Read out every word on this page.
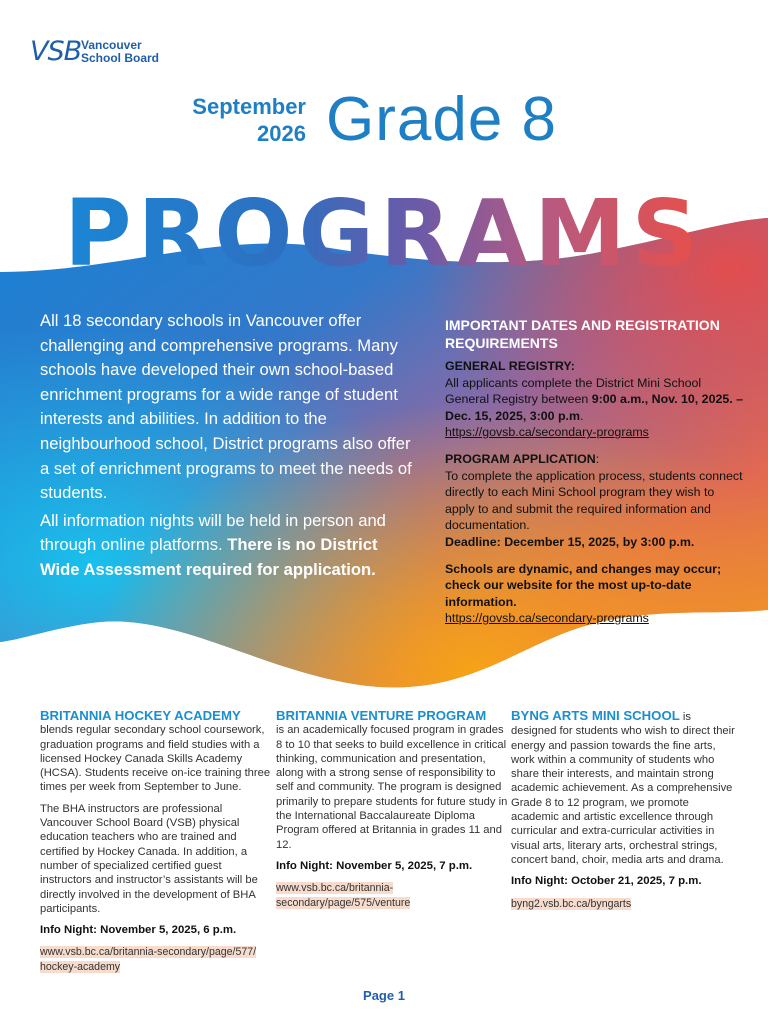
VSB Vancouver
School Board
September
2026 Grade 8
PROGRAMS

All 18 secondary schools in Vancouver offer challenging and comprehensive programs. Many schools have developed their own school-based enrichment programs for a wide range of student interests and abilities. In addition to the neighbourhood school, District programs also offer a set of enrichment programs to meet the needs of students.

All information nights will be held in person and through online platforms. There is no District Wide Assessment required for application.

IMPORTANT DATES AND REGISTRATION REQUIREMENTS
GENERAL REGISTRY:
All applicants complete the District Mini School General Registry between 9:00 a.m., Nov. 10, 2025. – Dec. 15, 2025, 3:00 p.m.
https://govsb.ca/secondary-programs
PROGRAM APPLICATION:
To complete the application process, students connect directly to each Mini School program they wish to apply to and submit the required information and documentation.
Deadline: December 15, 2025, by 3:00 p.m.
Schools are dynamic, and changes may occur; check our website for the most up-to-date information.
https://govsb.ca/secondary-programs
BRITANNIA HOCKEY ACADEMY

blends regular secondary school coursework, graduation programs and field studies with a licensed Hockey Canada Skills Academy (HCSA). Students receive on-ice training three times per week from September to June.

The BHA instructors are professional Vancouver School Board (VSB) physical education teachers who are trained and certified by Hockey Canada. In addition, a number of specialized certified guest instructors and instructor’s assistants will be directly involved in the development of BHA participants.

Info Night: November 5, 2025, 6 p.m.
www.vsb.bc.ca/britannia-secondary/page/577/ hockey-academy
BRITANNIA VENTURE PROGRAM

is an academically focused program in grades 8 to 10 that seeks to build excellence in critical thinking, communication and presentation, along with a strong sense of responsibility to self and community. The program is designed primarily to prepare students for future study in the International Baccalaureate Diploma Program offered at Britannia in grades 11 and 12.

Info Night: November 5, 2025, 7 p.m.
www.vsb.bc.ca/britannia-secondary/page/575/venture

BYNG ARTS MINI SCHOOL is designed for students who wish to direct their energy and passion towards the fine arts, work within a community of students who share their interests, and maintain strong academic achievement. As a comprehensive Grade 8 to 12 program, we promote academic and artistic excellence through curricular and extra-curricular activities in visual arts, literary arts, orchestral strings, concert band, choir, media arts and drama.

Info Night: October 21, 2025, 7 p.m.
byng2.vsb.bc.ca/byngarts
Page 1
